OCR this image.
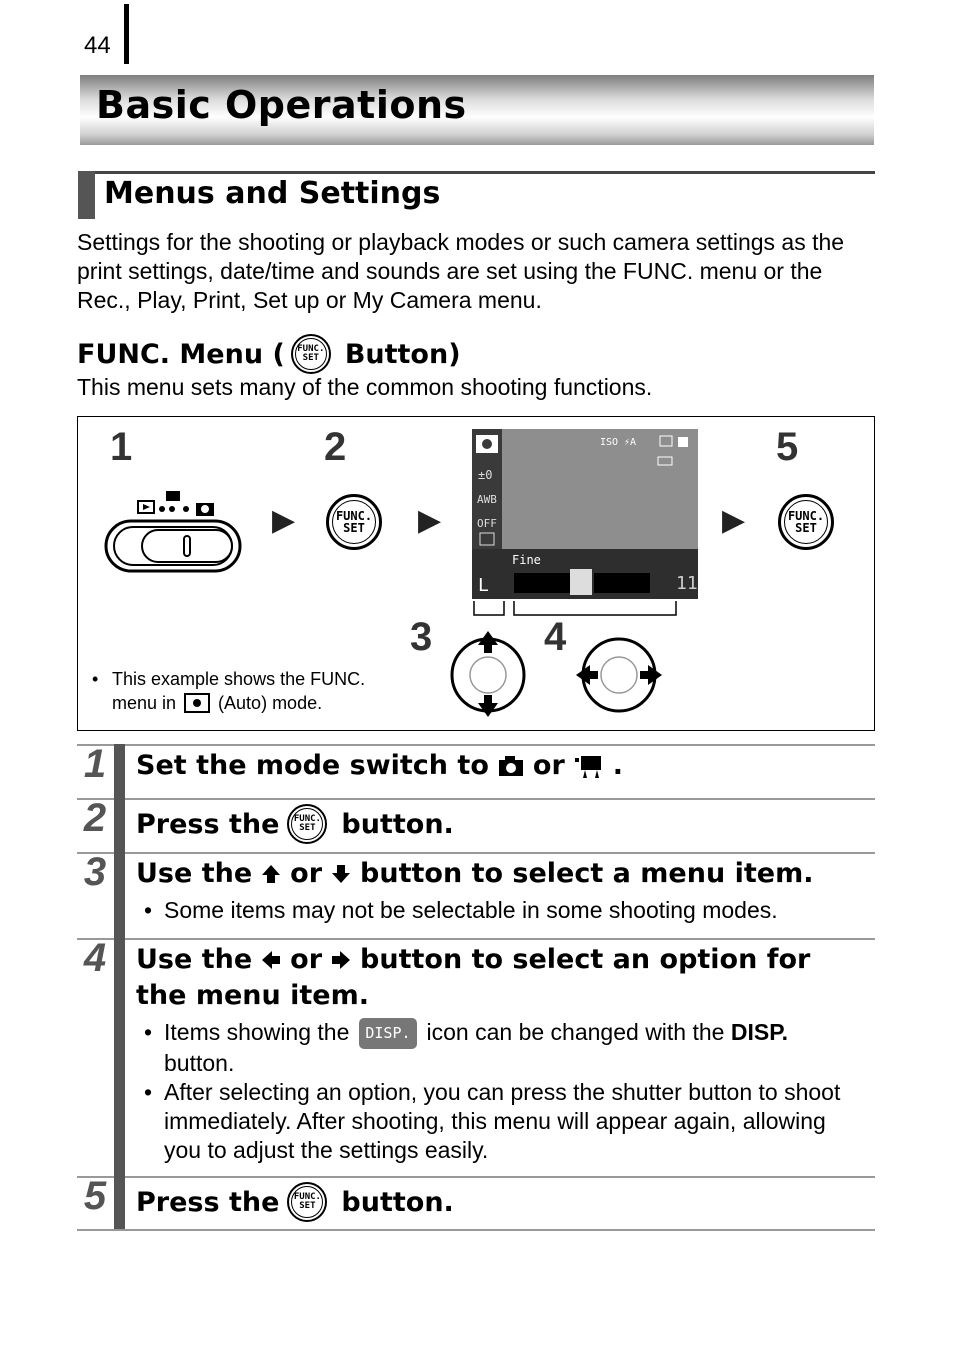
44
Basic Operations
Menus and Settings
Settings for the shooting or playback modes or such camera settings as the print settings, date/time and sounds are set using the FUNC. menu or the Rec., Play, Print, Set up or My Camera menu.
FUNC. Menu ( FUNC.
SET Button)
This menu sets many of the common shooting functions.
1	2
3	4
5
▶	FUNC.
SET ▶
±0
AWB
OFF
ISO ⚡A
Fine
L	11
▶	FUNC.
SET
• This example shows the FUNC.
menu in (Auto) mode.
1 Set the mode switch to or .
2 Press the FUNC.
SET button.
3 Use the or button to select a menu item.
• Some items may not be selectable in some shooting modes.
4 Use the or button to select an option for
the menu item.
• Items showing the DISP. icon can be changed with the DISP.
button.
• After selecting an option, you can press the shutter button to shoot immediately. After shooting, this menu will appear again, allowing you to adjust the settings easily.
5 Press the FUNC.
SET button.
